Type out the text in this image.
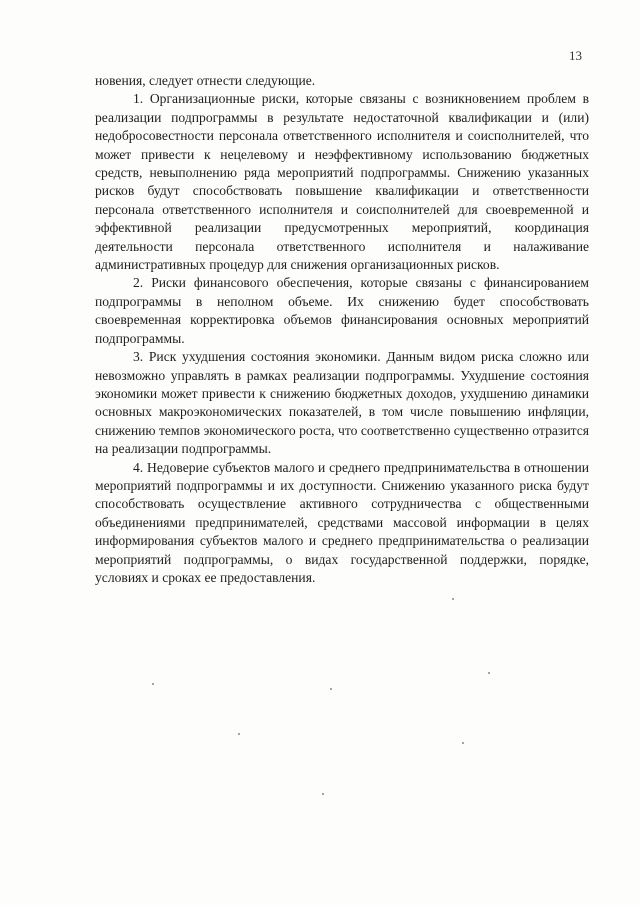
13

новения, следует отнести следующие.

1. Организационные риски, которые связаны с возникновением проблем в реализации подпрограммы в результате недостаточной квалификации и (или) недобросовестности персонала ответственного исполнителя и соисполнителей, что может привести к нецелевому и неэффективному использованию бюджетных средств, невыполнению ряда мероприятий подпрограммы. Снижению указанных рисков будут способствовать повышение квалификации и ответственности персонала ответственного исполнителя и соисполнителей для своевременной и эффективной реализации предусмотренных мероприятий, координация деятельности персонала ответственного исполнителя и налаживание административных процедур для снижения организационных рисков.

2. Риски финансового обеспечения, которые связаны с финансированием подпрограммы в неполном объеме. Их снижению будет способствовать своевременная корректировка объемов финансирования основных мероприятий подпрограммы.

3. Риск ухудшения состояния экономики. Данным видом риска сложно или невозможно управлять в рамках реализации подпрограммы. Ухудшение состояния экономики может привести к снижению бюджетных доходов, ухудшению динамики основных макроэкономических показателей, в том числе повышению инфляции, снижению темпов экономического роста, что соответственно существенно отразится на реализации подпрограммы.

4. Недоверие субъектов малого и среднего предпринимательства в отношении мероприятий подпрограммы и их доступности. Снижению указанного риска будут способствовать осуществление активного сотрудничества с общественными объединениями предпринимателей, средствами массовой информации в целях информирования субъектов малого и среднего предпринимательства о реализации мероприятий подпрограммы, о видах государственной поддержки, порядке, условиях и сроках ее предоставления.
